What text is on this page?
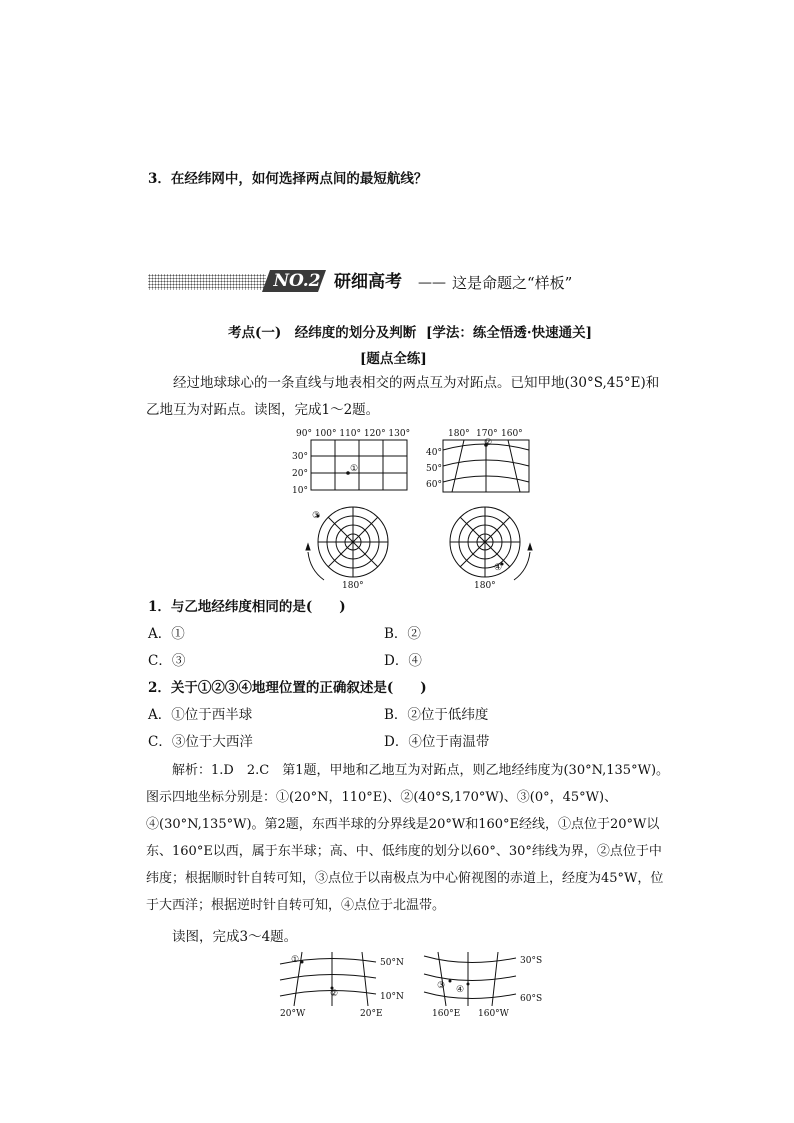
3．在经纬网中，如何选择两点间的最短航线？
NO.2 研细高考 —— 这是命题之“样板”
考点(一)　经纬度的划分及判断 [学法：练全悟透·快速通关]
[题点全练]
经过地球球心的一条直线与地表相交的两点互为对跖点。已知甲地(30°S,45°E)和乙地互为对跖点。读图，完成1～2题。
90° 100° 110° 120° 130°
30°
20°
10°
①
180° 170° 160°
40°
50°
60°
②
③
180°
④
180°
1．与乙地经纬度相同的是(　　)
A．①	B．②
C．③	D．④
2．关于①②③④地理位置的正确叙述是(　　)
A．①位于西半球	B．②位于低纬度
C．③位于大西洋	D．④位于南温带
解析：1.D　2.C　第1题，甲地和乙地互为对跖点，则乙地经纬度为(30°N,135°W)。图示四地坐标分别是：①(20°N，110°E)、②(40°S,170°W)、③(0°，45°W)、④(30°N,135°W)。第2题，东西半球的分界线是20°W和160°E经线，①点位于20°W以东、160°E以西，属于东半球；高、中、低纬度的划分以60°、30°纬线为界，②点位于中纬度；根据顺时针自转可知，③点位于以南极点为中心俯视图的赤道上，经度为45°W，位于大西洋；根据逆时针自转可知，④点位于北温带。
读图，完成3～4题。
①
②
50°N
10°N
20°W	20°E
③ ④
30°S
60°S
160°E 160°W
